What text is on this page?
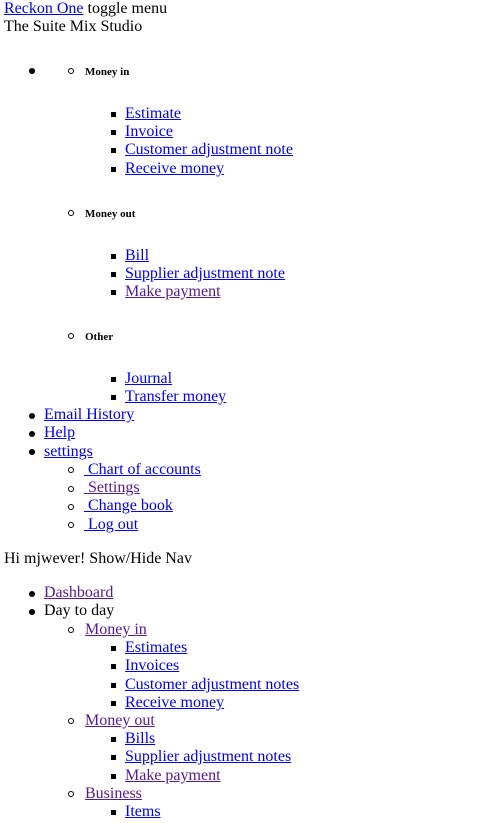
Reckon One toggle menu
The Suite Mix Studio
Money in
Estimate
Invoice
Customer adjustment note
Receive money
Money out
Bill
Supplier adjustment note
Make payment
Other
Journal
Transfer money
Email History
Help
settings
Chart of accounts
Settings
Change book
Log out
Hi mjwever! Show/Hide Nav
Dashboard
Day to day
Money in
Estimates
Invoices
Customer adjustment notes
Receive money
Money out
Bills
Supplier adjustment notes
Make payment
Business
Items
